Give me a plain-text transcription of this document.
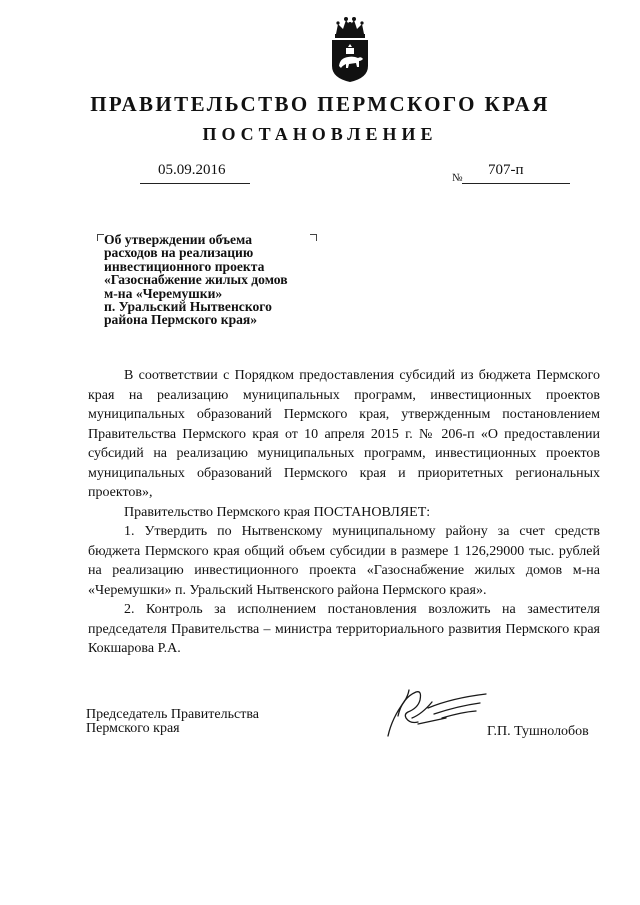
ПРАВИТЕЛЬСТВО ПЕРМСКОГО КРАЯ
ПОСТАНОВЛЕНИЕ
05.09.2016	№ 707-п
Об утверждении объема
расходов на реализацию
инвестиционного проекта
«Газоснабжение жилых домов
м-на «Черемушки»
п. Уральский Нытвенского
района Пермского края»

В соответствии с Порядком предоставления субсидий из бюджета Пермского края на реализацию муниципальных программ, инвестиционных проектов муниципальных образований Пермского края, утвержденным постановлением Правительства Пермского края от 10 апреля 2015 г. № 206-п «О предоставлении субсидий на реализацию муниципальных программ, инвестиционных проектов муниципальных образований Пермского края и приоритетных региональных проектов»,

Правительство Пермского края ПОСТАНОВЛЯЕТ:

1. Утвердить по Нытвенскому муниципальному району за счет средств бюджета Пермского края общий объем субсидии в размере 1 126,29000 тыс. рублей на реализацию инвестиционного проекта «Газоснабжение жилых домов м-на «Черемушки» п. Уральский Нытвенского района Пермского края».

2. Контроль за исполнением постановления возложить на заместителя председателя Правительства – министра территориального развития Пермского края Кокшарова Р.А.

Председатель Правительства
Пермского края	Г.П. Тушнолобов
